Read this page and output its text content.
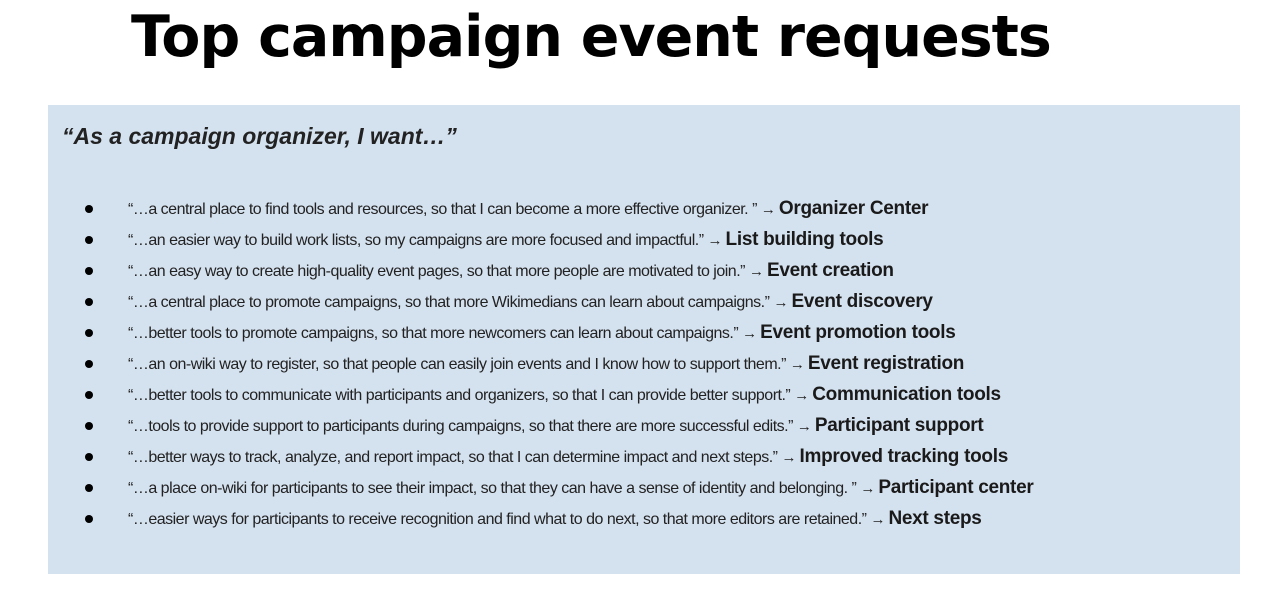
Top campaign event requests

“As a campaign organizer, I want…”

“…a central place to find tools and resources, so that I can become a more effective organizer. ” → Organizer Center
“…an easier way to build work lists, so my campaigns are more focused and impactful.” → List building tools
“…an easy way to create high-quality event pages, so that more people are motivated to join.” → Event creation
“…a central place to promote campaigns, so that more Wikimedians can learn about campaigns.” → Event discovery
“…better tools to promote campaigns, so that more newcomers can learn about campaigns.” → Event promotion tools
“…an on-wiki way to register, so that people can easily join events and I know how to support them.” → Event registration
“…better tools to communicate with participants and organizers, so that I can provide better support.” → Communication tools
“…tools to provide support to participants during campaigns, so that there are more successful edits.” → Participant support
“…better ways to track, analyze, and report impact, so that I can determine impact and next steps.” → Improved tracking tools
“…a place on-wiki for participants to see their impact, so that they can have a sense of identity and belonging. ” → Participant center
“…easier ways for participants to receive recognition and find what to do next, so that more editors are retained.” → Next steps
